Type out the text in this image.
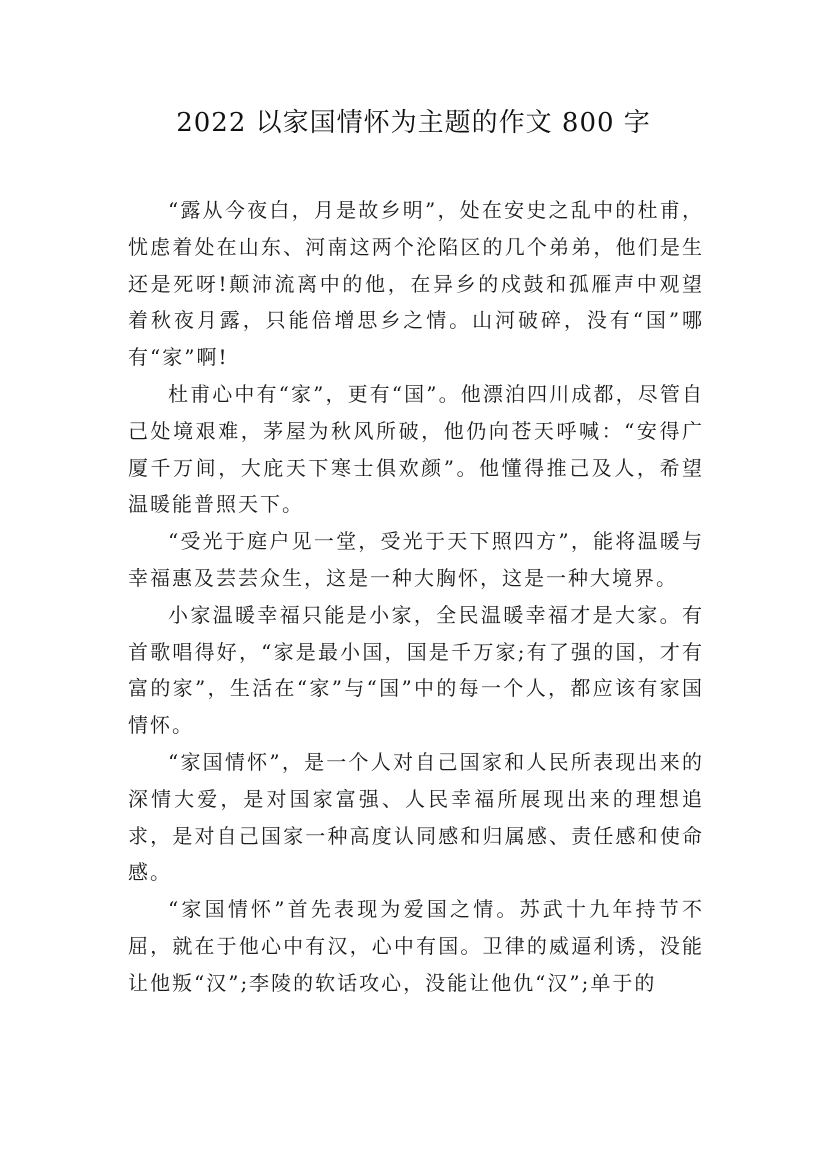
2022 以家国情怀为主题的作文 800 字

“露从今夜白，月是故乡明”，处在安史之乱中的杜甫，忧虑着处在山东、河南这两个沦陷区的几个弟弟，他们是生还是死呀!颠沛流离中的他，在异乡的戍鼓和孤雁声中观望着秋夜月露，只能倍增思乡之情。山河破碎，没有“国”哪有“家”啊!

杜甫心中有“家”，更有“国”。他漂泊四川成都，尽管自己处境艰难，茅屋为秋风所破，他仍向苍天呼喊：“安得广厦千万间，大庇天下寒士俱欢颜”。他懂得推己及人，希望温暖能普照天下。

“受光于庭户见一堂，受光于天下照四方”，能将温暖与幸福惠及芸芸众生，这是一种大胸怀，这是一种大境界。

小家温暖幸福只能是小家，全民温暖幸福才是大家。有首歌唱得好，“家是最小国，国是千万家;有了强的国，才有富的家”，生活在“家”与“国”中的每一个人，都应该有家国情怀。

“家国情怀”，是一个人对自己国家和人民所表现出来的深情大爱，是对国家富强、人民幸福所展现出来的理想追求，是对自己国家一种高度认同感和归属感、责任感和使命感。

“家国情怀”首先表现为爱国之情。苏武十九年持节不屈，就在于他心中有汉，心中有国。卫律的威逼利诱，没能让他叛“汉”;李陵的软话攻心，没能让他仇“汉”;单于的
